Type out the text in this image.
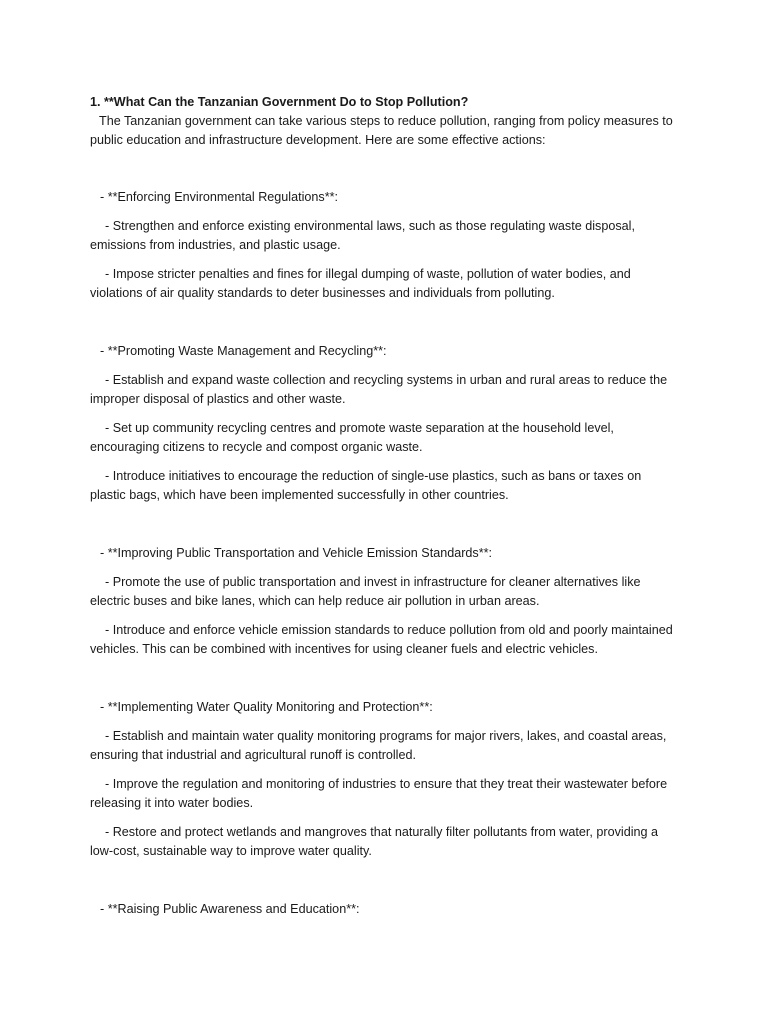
1. **What Can the Tanzanian Government Do to Stop Pollution?

The Tanzanian government can take various steps to reduce pollution, ranging from policy measures to public education and infrastructure development. Here are some effective actions:

- **Enforcing Environmental Regulations**:

- Strengthen and enforce existing environmental laws, such as those regulating waste disposal, emissions from industries, and plastic usage.

- Impose stricter penalties and fines for illegal dumping of waste, pollution of water bodies, and violations of air quality standards to deter businesses and individuals from polluting.

- **Promoting Waste Management and Recycling**:

- Establish and expand waste collection and recycling systems in urban and rural areas to reduce the improper disposal of plastics and other waste.

- Set up community recycling centres and promote waste separation at the household level, encouraging citizens to recycle and compost organic waste.

- Introduce initiatives to encourage the reduction of single-use plastics, such as bans or taxes on plastic bags, which have been implemented successfully in other countries.

- **Improving Public Transportation and Vehicle Emission Standards**:

- Promote the use of public transportation and invest in infrastructure for cleaner alternatives like electric buses and bike lanes, which can help reduce air pollution in urban areas.

- Introduce and enforce vehicle emission standards to reduce pollution from old and poorly maintained vehicles. This can be combined with incentives for using cleaner fuels and electric vehicles.

- **Implementing Water Quality Monitoring and Protection**:

- Establish and maintain water quality monitoring programs for major rivers, lakes, and coastal areas, ensuring that industrial and agricultural runoff is controlled.

- Improve the regulation and monitoring of industries to ensure that they treat their wastewater before releasing it into water bodies.

- Restore and protect wetlands and mangroves that naturally filter pollutants from water, providing a low-cost, sustainable way to improve water quality.

- **Raising Public Awareness and Education**:
